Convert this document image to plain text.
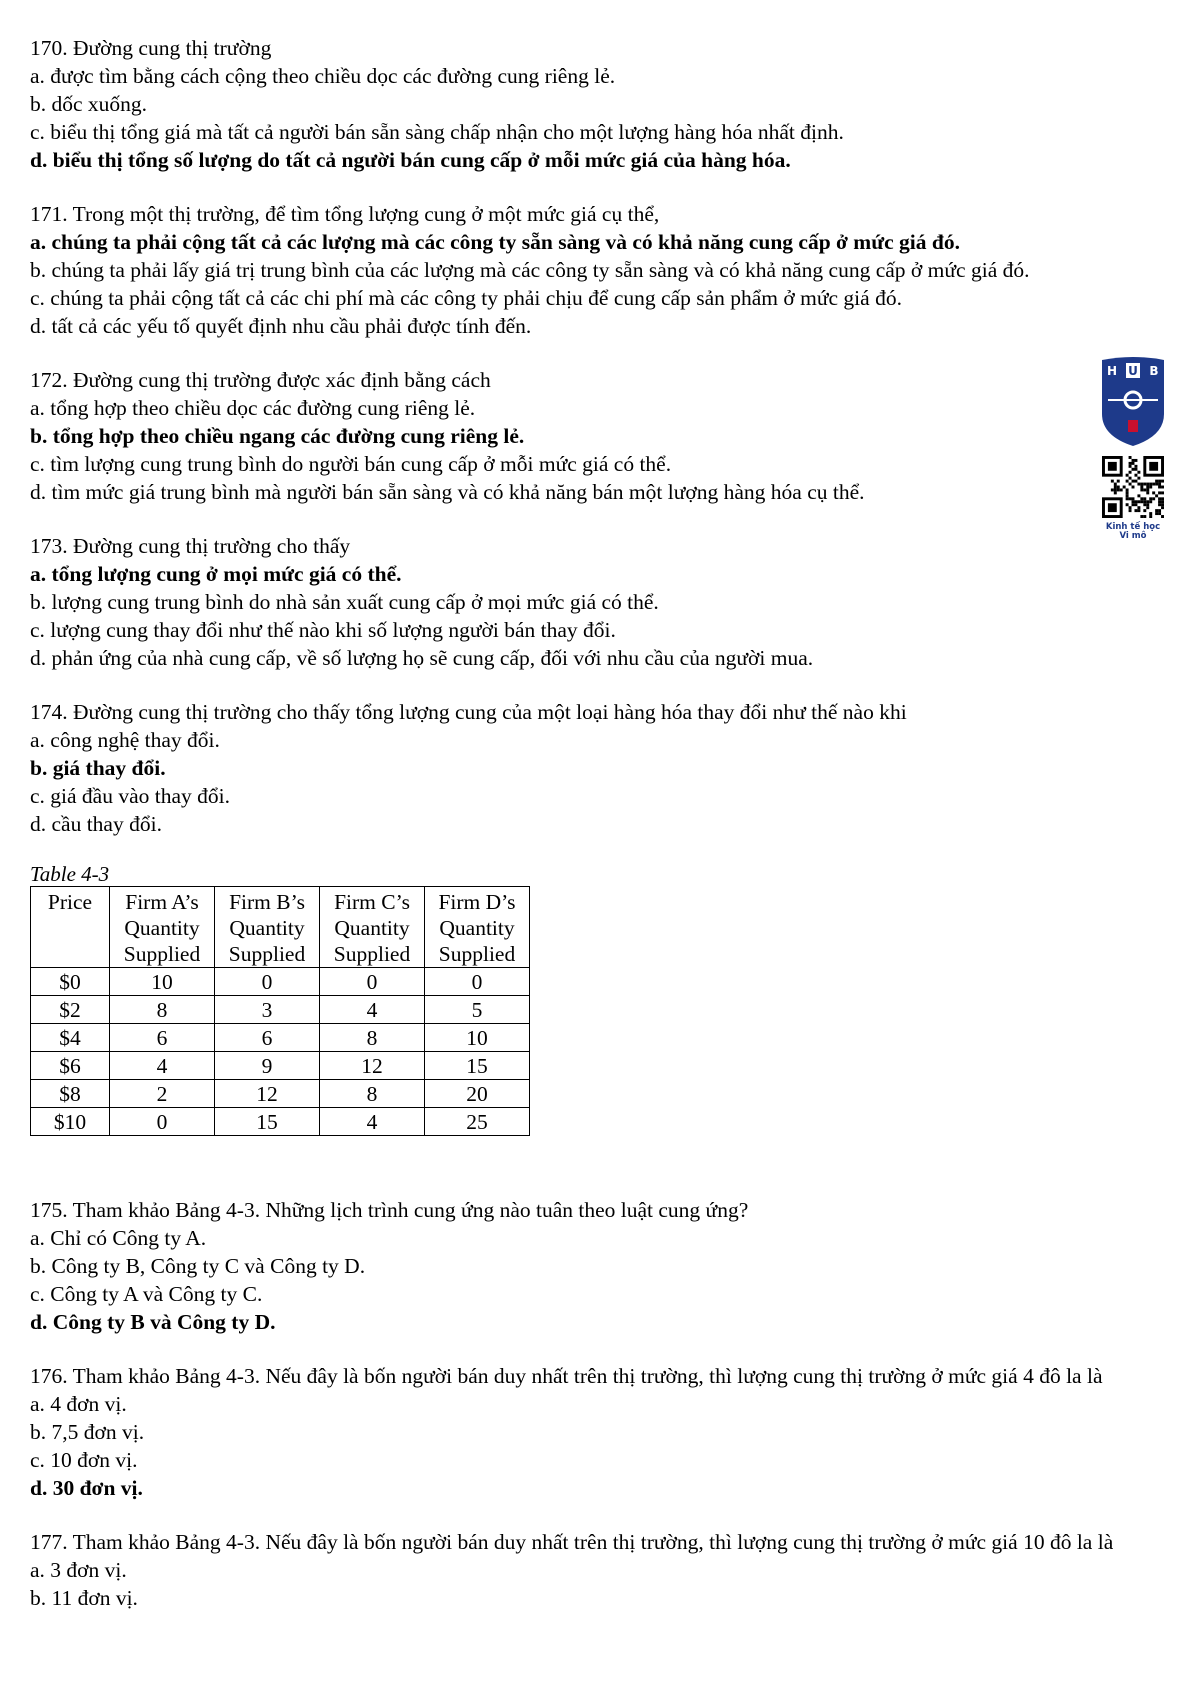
170. Đường cung thị trường
a. được tìm bằng cách cộng theo chiều dọc các đường cung riêng lẻ.
b. dốc xuống.
c. biểu thị tổng giá mà tất cả người bán sẵn sàng chấp nhận cho một lượng hàng hóa nhất định.
d. biểu thị tổng số lượng do tất cả người bán cung cấp ở mỗi mức giá của hàng hóa.
171. Trong một thị trường, để tìm tổng lượng cung ở một mức giá cụ thể,
a. chúng ta phải cộng tất cả các lượng mà các công ty sẵn sàng và có khả năng cung cấp ở mức giá đó.
b. chúng ta phải lấy giá trị trung bình của các lượng mà các công ty sẵn sàng và có khả năng cung cấp ở mức giá đó.
c. chúng ta phải cộng tất cả các chi phí mà các công ty phải chịu để cung cấp sản phẩm ở mức giá đó.
d. tất cả các yếu tố quyết định nhu cầu phải được tính đến.
172. Đường cung thị trường được xác định bằng cách
a. tổng hợp theo chiều dọc các đường cung riêng lẻ.
b. tổng hợp theo chiều ngang các đường cung riêng lẻ.
c. tìm lượng cung trung bình do người bán cung cấp ở mỗi mức giá có thể.
d. tìm mức giá trung bình mà người bán sẵn sàng và có khả năng bán một lượng hàng hóa cụ thể.
173. Đường cung thị trường cho thấy
a. tổng lượng cung ở mọi mức giá có thể.
b. lượng cung trung bình do nhà sản xuất cung cấp ở mọi mức giá có thể.
c. lượng cung thay đổi như thế nào khi số lượng người bán thay đổi.
d. phản ứng của nhà cung cấp, về số lượng họ sẽ cung cấp, đối với nhu cầu của người mua.
174. Đường cung thị trường cho thấy tổng lượng cung của một loại hàng hóa thay đổi như thế nào khi
a. công nghệ thay đổi.
b. giá thay đổi.
c. giá đầu vào thay đổi.
d. cầu thay đổi.
Table 4-3
Price	Firm A’s
Quantity
Supplied	Firm B’s
Quantity
Supplied	Firm C’s
Quantity
Supplied	Firm D’s
Quantity
Supplied
$0	10	0	0	0
$2	8	3	4	5
$4	6	6	8	10
$6	4	9	12	15
$8	2	12	8	20
$10	0	15	4	25
175. Tham khảo Bảng 4-3. Những lịch trình cung ứng nào tuân theo luật cung ứng?
a. Chỉ có Công ty A.
b. Công ty B, Công ty C và Công ty D.
c. Công ty A và Công ty C.
d. Công ty B và Công ty D.
176. Tham khảo Bảng 4-3. Nếu đây là bốn người bán duy nhất trên thị trường, thì lượng cung thị trường ở mức giá 4 đô la là
a. 4 đơn vị.
b. 7,5 đơn vị.
c. 10 đơn vị.
d. 30 đơn vị.
177. Tham khảo Bảng 4-3. Nếu đây là bốn người bán duy nhất trên thị trường, thì lượng cung thị trường ở mức giá 10 đô la là
a. 3 đơn vị.
b. 11 đơn vị.
H U B
Kinh tế học
Vi mô
